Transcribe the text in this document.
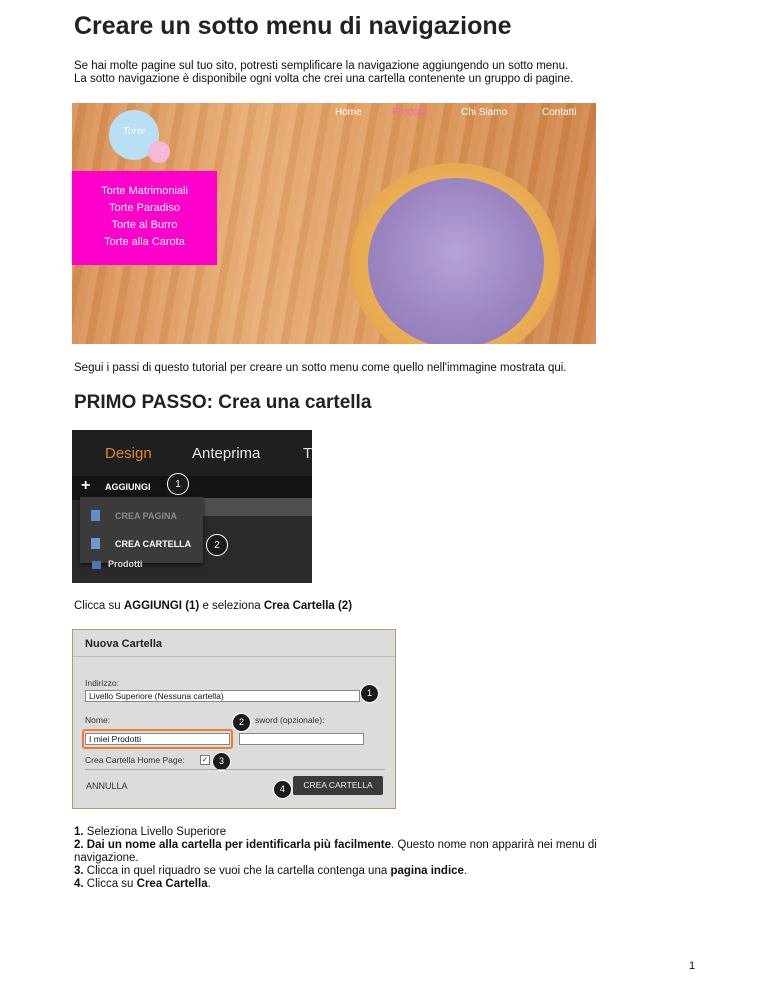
Creare un sotto menu di navigazione
Se hai molte pagine sul tuo sito, potresti semplificare la navigazione aggiungendo un sotto menu.
La sotto navigazione è disponibile ogni volta che crei una cartella contenente un gruppo di pagine.
Home	Prodotti	Chi Siamo	Contatti
Torte
Torte Matrimoniali
Torte Paradiso
Torte al Burro
Torte alla Carota
Segui i passi di questo tutorial per creare un sotto menu come quello nell'immagine mostrata qui.
PRIMO PASSO: Crea una cartella
Design	Anteprima	T
+ AGGIUNGI	1
CREA PAGINA
CREA CARTELLA	2
Prodotti
Clicca su AGGIUNGI (1) e seleziona Crea Cartella (2)
Nuova Cartella
Indirizzo:
Livello Superiore (Nessuna cartella)	1
Nome:	2	sword (opzionale):
I miei Prodotti
Crea Cartella Home Page: ✓	3
ANNULLA	4	CREA CARTELLA
1. Seleziona Livello Superiore
2. Dai un nome alla cartella per identificarla più facilmente. Questo nome non apparirà nei menu di
navigazione.
3. Clicca in quel riquadro se vuoi che la cartella contenga una pagina indice.
4. Clicca su Crea Cartella.
1
